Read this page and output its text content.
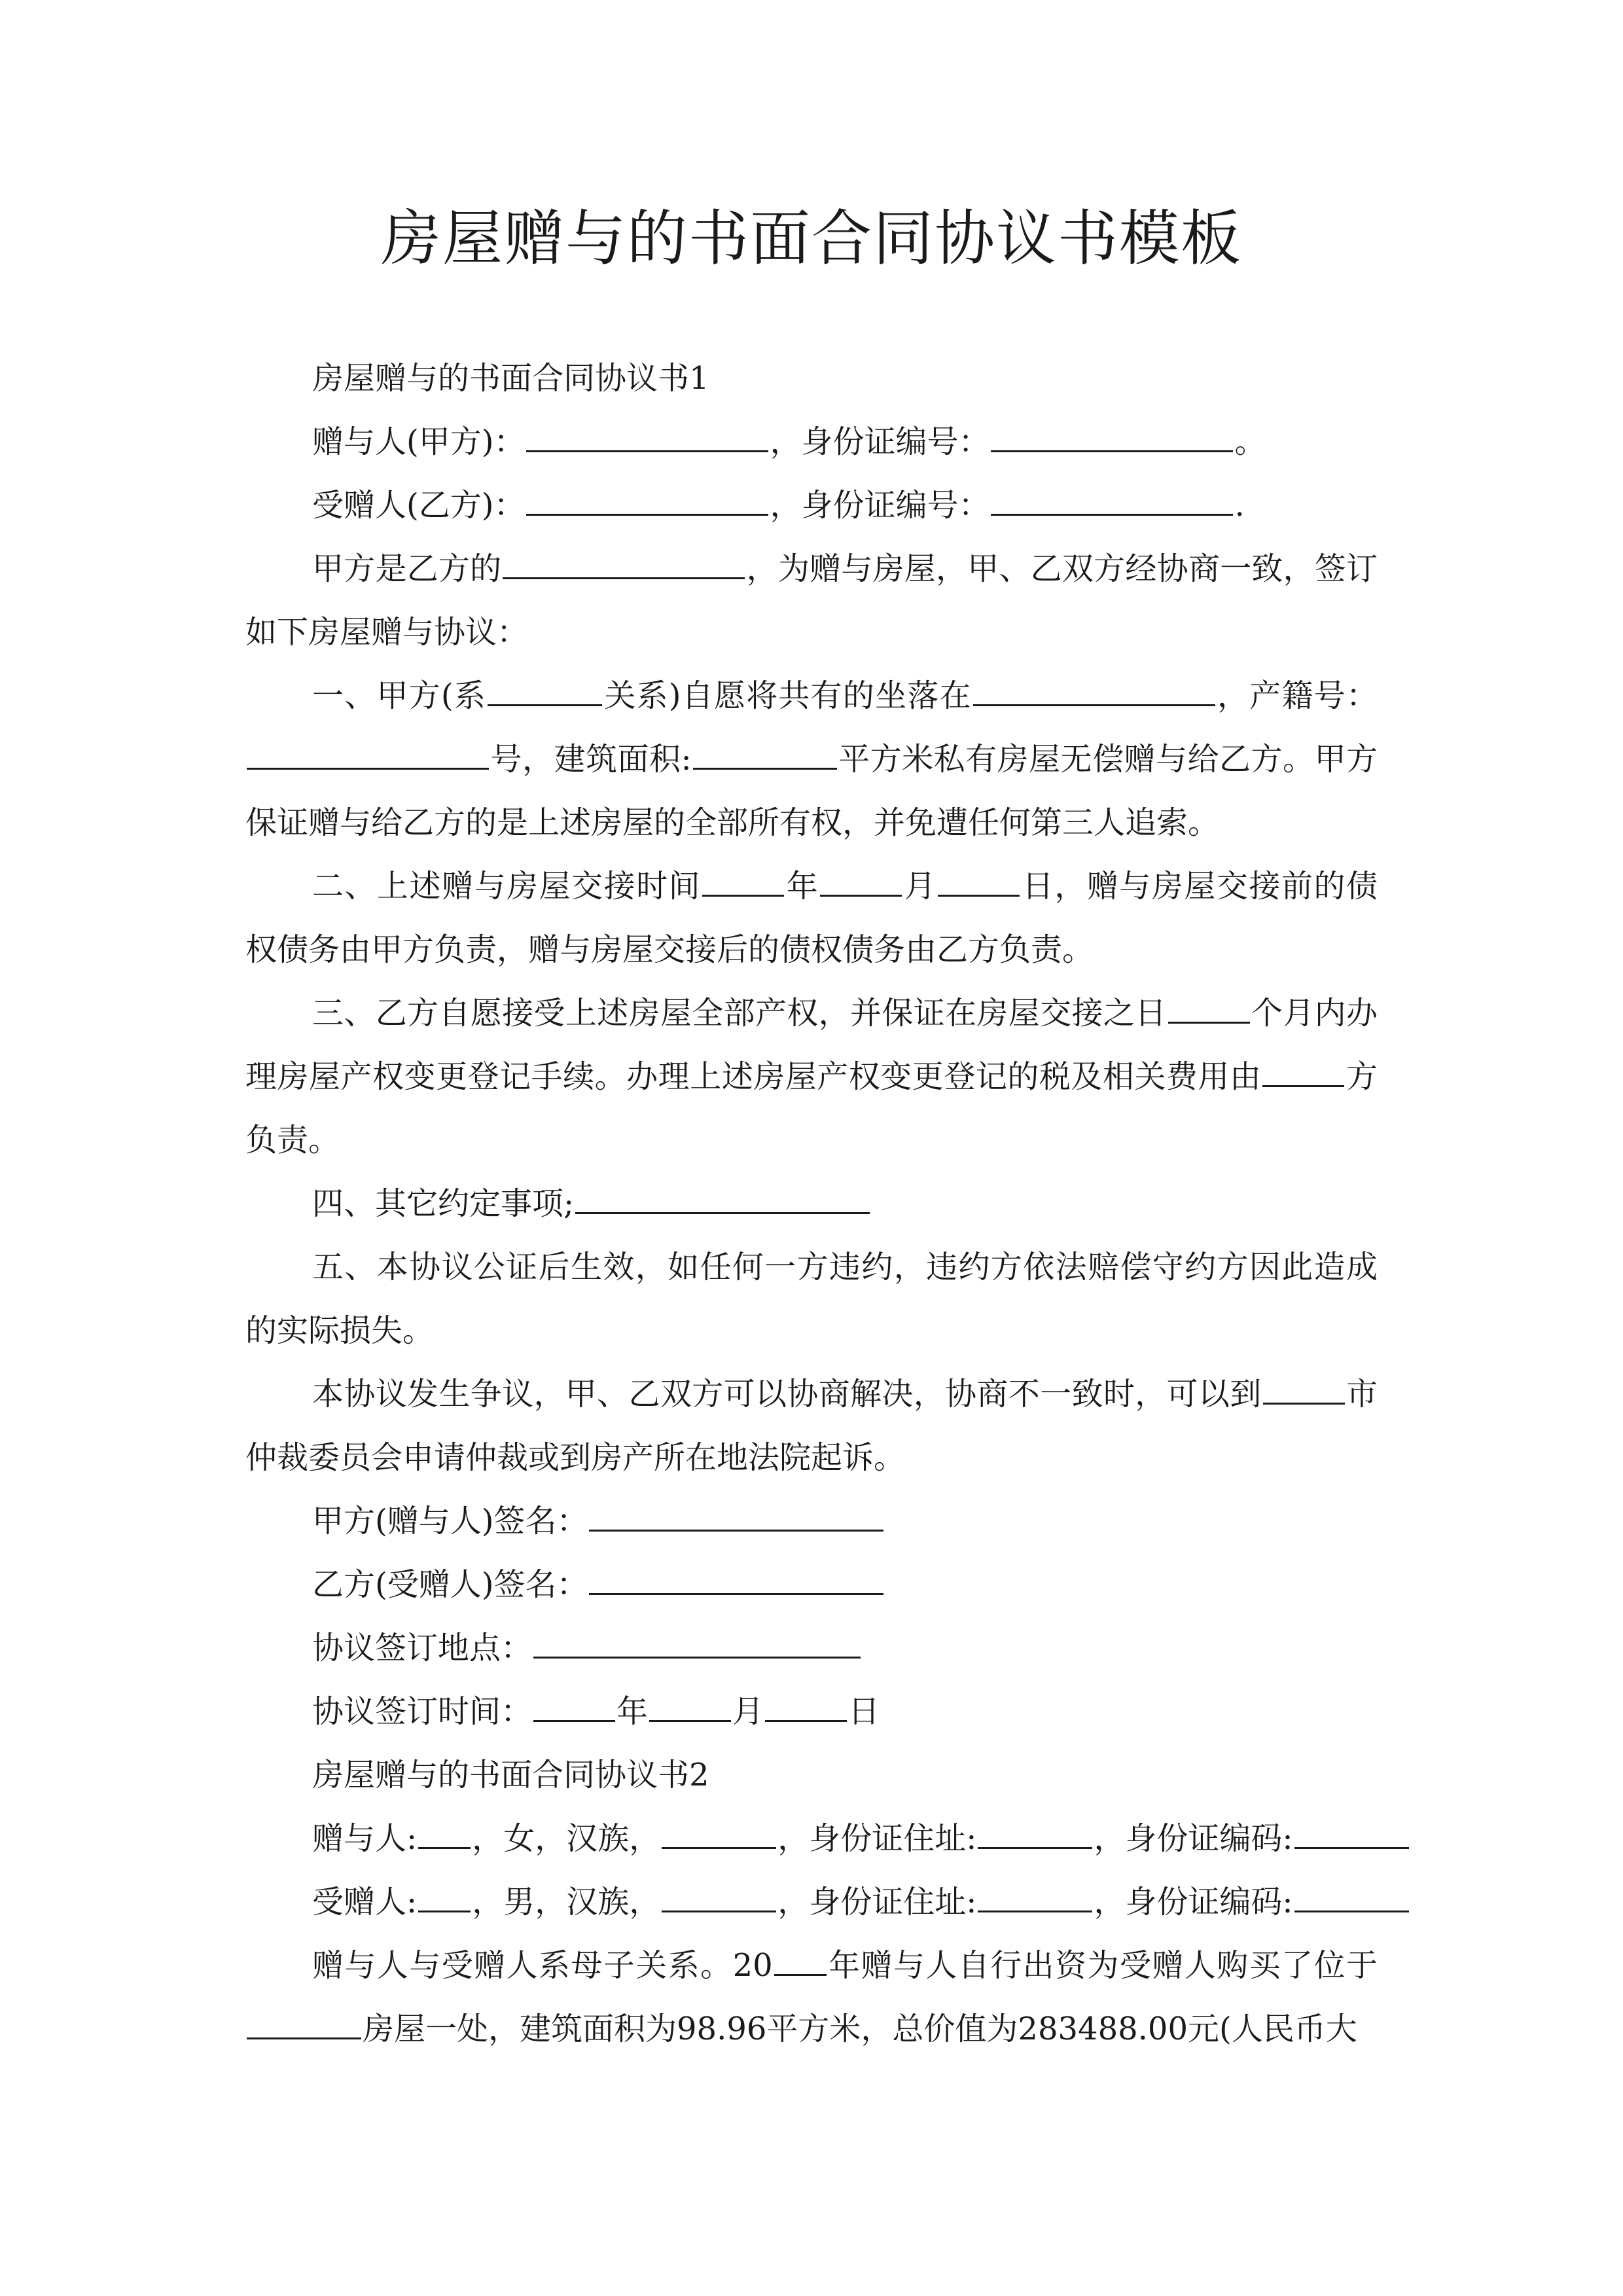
房屋赠与的书面合同协议书模板

房屋赠与的书面合同协议书1

赠与人(甲方)：	，身份证编号：	。

受赠人(乙方)：	，身份证编号：	.

甲方是乙方的	，为赠与房屋，甲、乙双方经协商一致，签订如下房屋赠与协议：

一、甲方(系	关系)自愿将共有的坐落在	，产籍号：号，建筑面积:	平方米私有房屋无偿赠与给乙方。甲方保证赠与给乙方的是上述房屋的全部所有权，并免遭任何第三人追索。

二、上述赠与房屋交接时间	年	月	日，赠与房屋交接前的债权债务由甲方负责，赠与房屋交接后的债权债务由乙方负责。

三、乙方自愿接受上述房屋全部产权，并保证在房屋交接之日	个月内办理房屋产权变更登记手续。办理上述房屋产权变更登记的税及相关费用由	方负责。

四、其它约定事项;

五、本协议公证后生效，如任何一方违约，违约方依法赔偿守约方因此造成的实际损失。

本协议发生争议，甲、乙双方可以协商解决，协商不一致时，可以到	市仲裁委员会申请仲裁或到房产所在地法院起诉。

甲方(赠与人)签名：

乙方(受赠人)签名：

协议签订地点：

协议签订时间：	年	月	日

房屋赠与的书面合同协议书2

赠与人: ，女，汉族，	，身份证住址:	，身份证编码:

受赠人: ，男，汉族，	，身份证住址:	，身份证编码:

赠与人与受赠人系母子关系。20 年赠与人自行出资为受赠人购买了位于房屋一处，建筑面积为98.96平方米，总价值为283488.00元(人民币大
